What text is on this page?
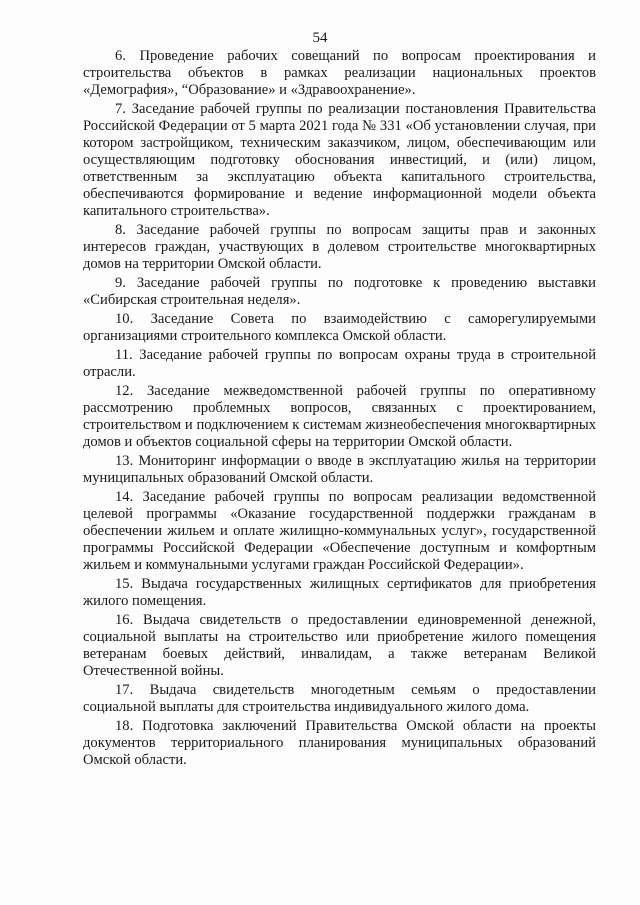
54

6. Проведение рабочих совещаний по вопросам проектирования и строительства объектов в рамках реализации национальных проектов «Демография», “Образование» и «Здравоохранение».

7. Заседание рабочей группы по реализации постановления Правительства Российской Федерации от 5 марта 2021 года № 331 «Об установлении случая, при котором застройщиком, техническим заказчиком, лицом, обеспечивающим или осуществляющим подготовку обоснования инвестиций, и (или) лицом, ответственным за эксплуатацию объекта капитального строительства, обеспечиваются формирование и ведение информационной модели объекта капитального строительства».

8. Заседание рабочей группы по вопросам защиты прав и законных интересов граждан, участвующих в долевом строительстве многоквартирных домов на территории Омской области.

9. Заседание рабочей группы по подготовке к проведению выставки «Сибирская строительная неделя».

10. Заседание Совета по взаимодействию с саморегулируемыми организациями строительного комплекса Омской области.

11. Заседание рабочей группы по вопросам охраны труда в строительной отрасли.

12. Заседание межведомственной рабочей группы по оперативному рассмотрению проблемных вопросов, связанных с проектированием, строительством и подключением к системам жизнеобеспечения многоквартирных домов и объектов социальной сферы на территории Омской области.

13. Мониторинг информации о вводе в эксплуатацию жилья на территории муниципальных образований Омской области.

14. Заседание рабочей группы по вопросам реализации ведомственной целевой программы «Оказание государственной поддержки гражданам в обеспечении жильем и оплате жилищно-коммунальных услуг», государственной программы Российской Федерации «Обеспечение доступным и комфортным жильем и коммунальными услугами граждан Российской Федерации».

15. Выдача государственных жилищных сертификатов для приобретения жилого помещения.

16. Выдача свидетельств о предоставлении единовременной денежной, социальной выплаты на строительство или приобретение жилого помещения ветеранам боевых действий, инвалидам, а также ветеранам Великой Отечественной войны.

17. Выдача свидетельств многодетным семьям о предоставлении социальной выплаты для строительства индивидуального жилого дома.

18. Подготовка заключений Правительства Омской области на проекты документов территориального планирования муниципальных образований Омской области.
